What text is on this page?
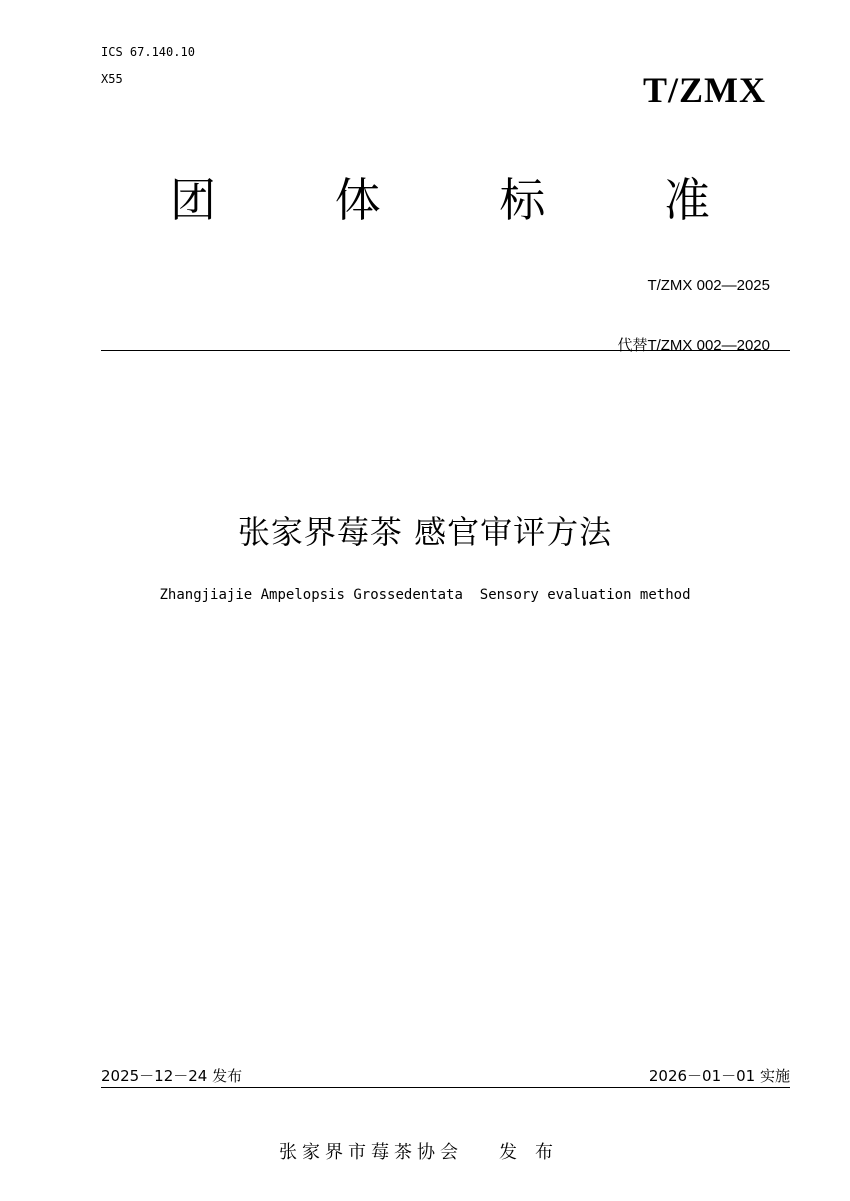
ICS 67.140.10
X55	T/ZMX
团	体	标	准
T/ZMX 002—2025
代替T/ZMX 002—2020
张家界莓茶 感官审评方法
Zhangjiajie Ampelopsis Grossedentata  Sensory evaluation method
2025－12－24 发布	2026－01－01 实施
张家界市莓茶协会 发布
